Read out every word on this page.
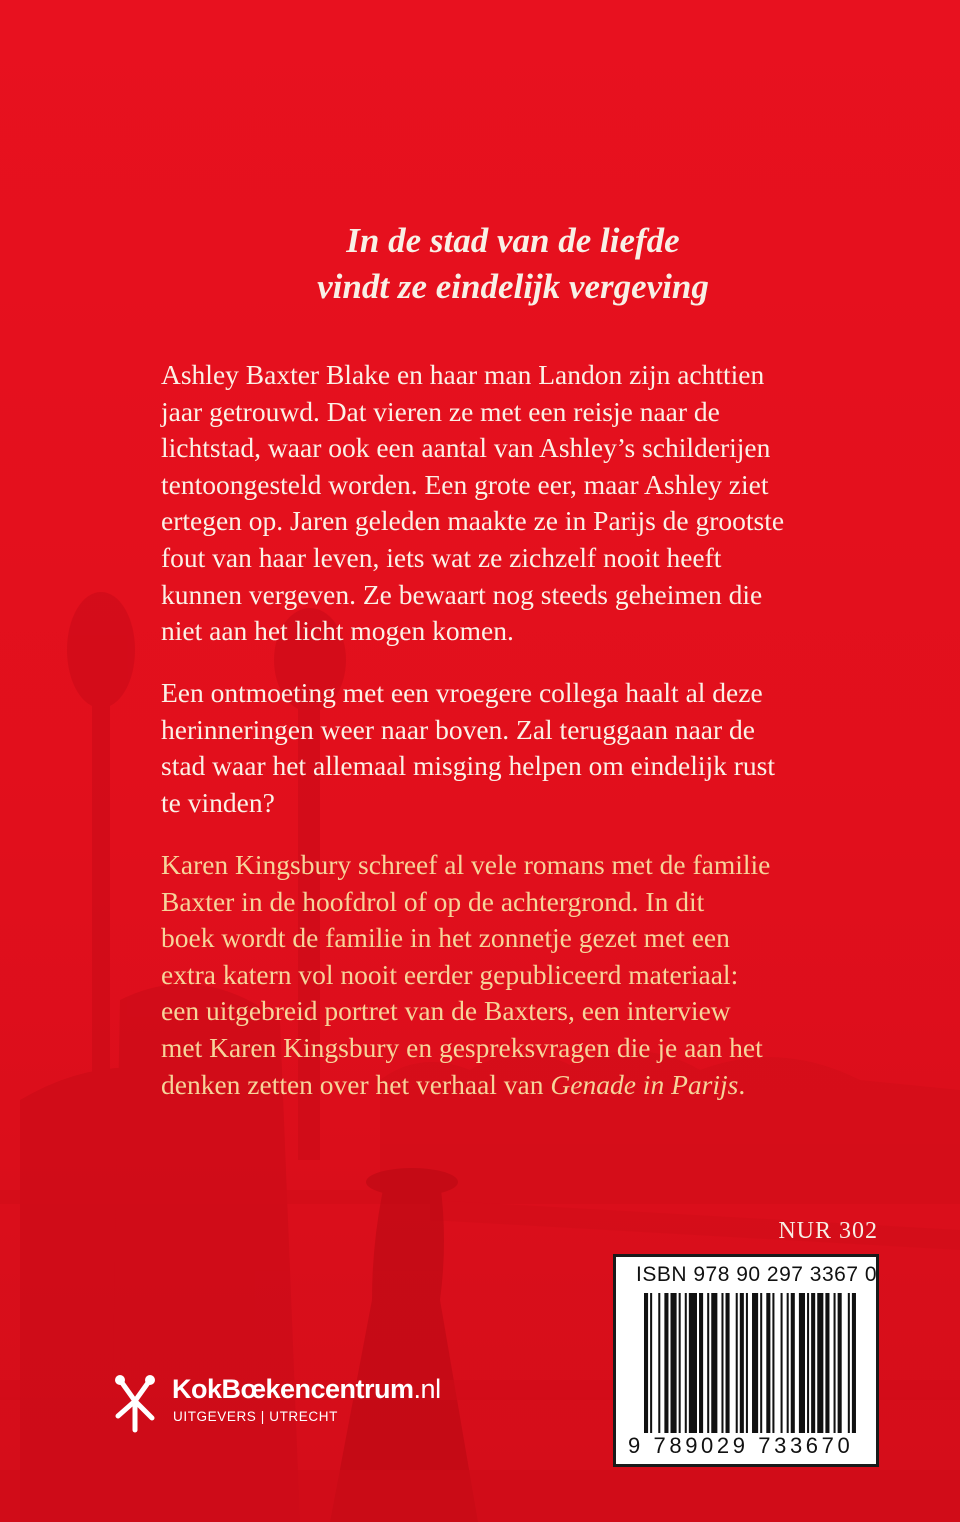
In de stad van de liefde
vindt ze eindelijk vergeving

Ashley Baxter Blake en haar man Landon zijn achttien
jaar getrouwd. Dat vieren ze met een reisje naar de
lichtstad, waar ook een aantal van Ashley’s schilderijen
tentoongesteld worden. Een grote eer, maar Ashley ziet
ertegen op. Jaren geleden maakte ze in Parijs de grootste
fout van haar leven, iets wat ze zichzelf nooit heeft
kunnen vergeven. Ze bewaart nog steeds geheimen die
niet aan het licht mogen komen.

Een ontmoeting met een vroegere collega haalt al deze
herinneringen weer naar boven. Zal teruggaan naar de
stad waar het allemaal misging helpen om eindelijk rust
te vinden?

Karen Kingsbury schreef al vele romans met de familie
Baxter in de hoofdrol of op de achtergrond. In dit
boek wordt de familie in het zonnetje gezet met een
extra katern vol nooit eerder gepubliceerd materiaal:
een uitgebreid portret van de Baxters, een interview
met Karen Kingsbury en gespreksvragen die je aan het
denken zetten over het verhaal van Genade in Parijs.

NUR 302
ISBN 978 90 297 3367 0
9 789029 733670
KokBœkencentrum.nl
UITGEVERS | UTRECHT
